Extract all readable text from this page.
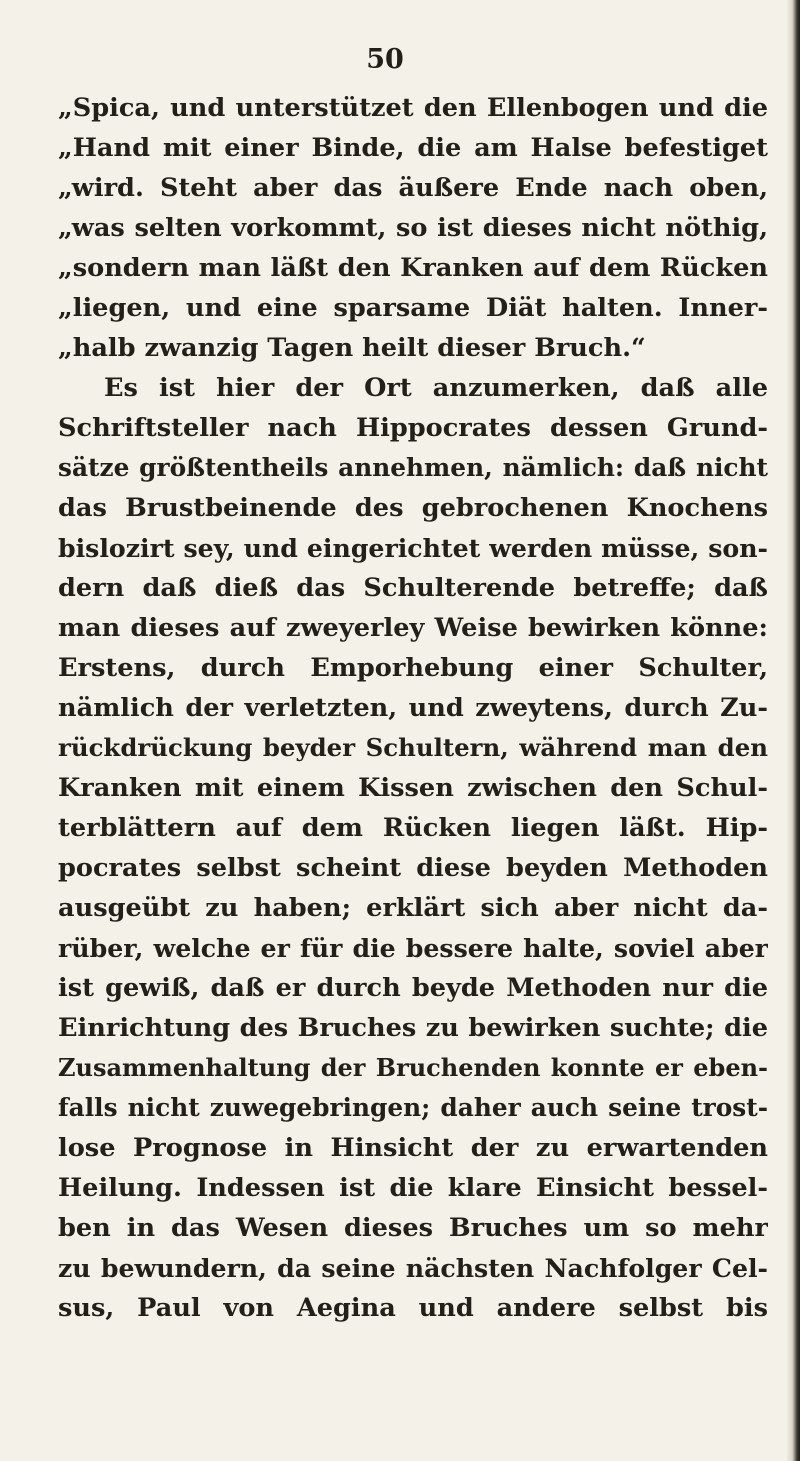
50
„Spica, und unterstützet den Ellenbogen und die
„Hand mit einer Binde, die am Halse befestiget
„wird. Steht aber das äußere Ende nach oben,
„was selten vorkommt, so ist dieses nicht nöthig,
„sondern man läßt den Kranken auf dem Rücken
„liegen, und eine sparsame Diät halten. Inner-
„halb zwanzig Tagen heilt dieser Bruch.“
Es ist hier der Ort anzumerken, daß alle
Schriftsteller nach Hippocrates dessen Grund-
sätze größtentheils annehmen, nämlich: daß nicht
das Brustbeinende des gebrochenen Knochens
bislozirt sey, und eingerichtet werden müsse, son-
dern daß dieß das Schulterende betreffe; daß
man dieses auf zweyerley Weise bewirken könne:
Erstens, durch Emporhebung einer Schulter,
nämlich der verletzten, und zweytens, durch Zu-
rückdrückung beyder Schultern, während man den
Kranken mit einem Kissen zwischen den Schul-
terblättern auf dem Rücken liegen läßt. Hip-
pocrates selbst scheint diese beyden Methoden
ausgeübt zu haben; erklärt sich aber nicht da-
rüber, welche er für die bessere halte, soviel aber
ist gewiß, daß er durch beyde Methoden nur die
Einrichtung des Bruches zu bewirken suchte; die
Zusammenhaltung der Bruchenden konnte er eben-
falls nicht zuwegebringen; daher auch seine trost-
lose Prognose in Hinsicht der zu erwartenden
Heilung. Indessen ist die klare Einsicht bessel-
ben in das Wesen dieses Bruches um so mehr
zu bewundern, da seine nächsten Nachfolger Cel-
sus, Paul von Aegina und andere selbst bis
